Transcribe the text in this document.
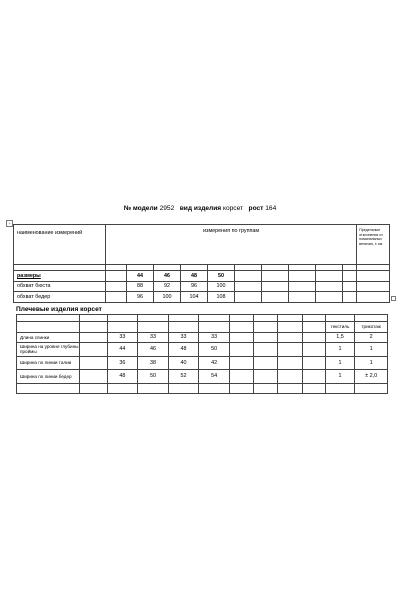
№ модели 2952 вид изделия корсет рост 164
+
наименование измерений	измерения по группам										Предельные отклонения от номинальных величин, ± см.

размеры		44	46	48	50						
обхват бюста		88	92	96	100						
обхват бедер		96	100	104	108						
Плечевые изделия корсет

										текстиль	трикотаж
Длина спинки		33	33	33	33					1,5	2
Ширина на уровне глубины проймы		44	46	48	50					1	1
Ширина по линии талии		36	38	40	42					1	1
Ширина по линии бедер		48	50	52	54					1	± 2,0
